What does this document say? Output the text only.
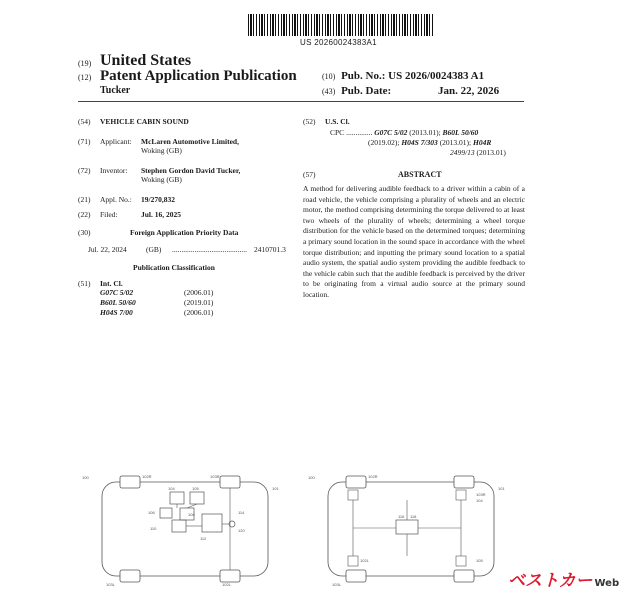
US 20260024383A1
(19) United States
(12) Patent Application Publication
Tucker
(10) Pub. No.: US 2026/0024383 A1
(43) Pub. Date:	Jan. 22, 2026
(54) VEHICLE CABIN SOUND
(71) Applicant: McLaren Automotive Limited,
Woking (GB)
(72) Inventor: Stephen Gordon David Tucker,
Woking (GB)
(21) Appl. No.: 19/270,832
(22) Filed:	Jul. 16, 2025
(30)	Foreign Application Priority Data
Jul. 22, 2024	(GB) ........................................ 2410701.3
Publication Classification
(51) Int. Cl.
G07C 5/02	(2006.01)
B60L 50/60	(2019.01)
H04S 7/00	(2006.01)
(52) U.S. Cl.
CPC .............. G07C 5/02 (2013.01); B60L 50/60
(2019.02); H04S 7/303 (2013.01); H04R
2499/13 (2013.01)
(57)	ABSTRACT
A method for delivering audible feedback to a driver within a cabin of a road vehicle, the vehicle comprising a plurality of wheels and an electric motor, the method comprising determining the torque delivered to at least two wheels of the plurality of wheels; determining a wheel torque distribution for the vehicle based on the determined torques; determining a primary sound location in the sound space in accordance with the wheel torque distribution; and inputting the primary sound location to a spatial audio system, the spatial audio system providing the audible feedback to the vehicle cabin such that the audible feedback is perceived by the driver to be originating from a virtual audio source at the primary sound location.
100	102R	103R
104	105
106	108
110
112
114
101
103L	102L
120
100	102R
103R
104
116 118
101
105
102L
103L	ベストカー Web
